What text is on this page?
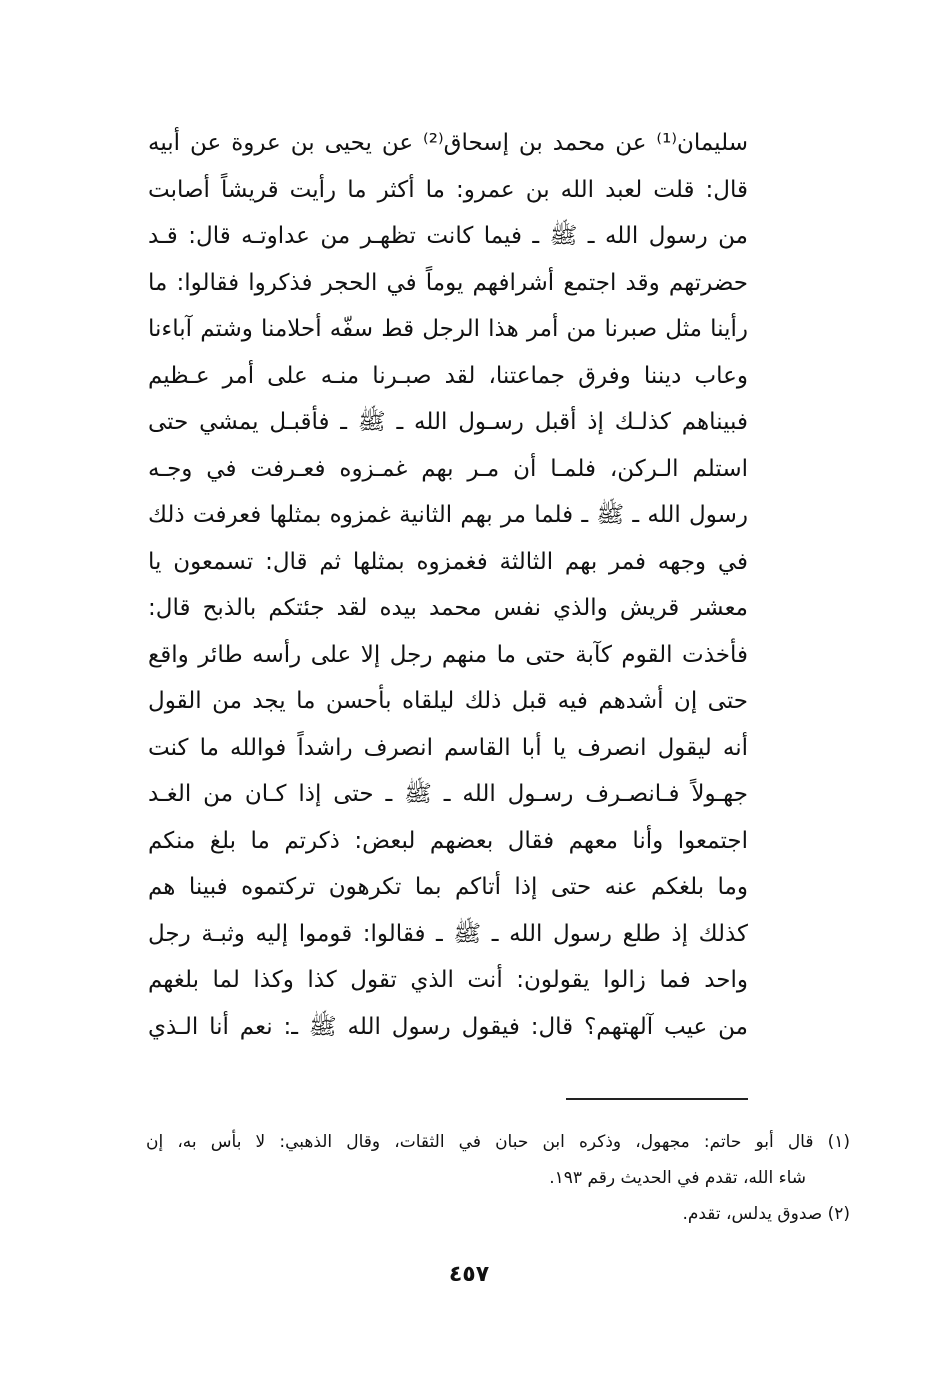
سليمان⁽¹⁾ عن محمد بن إسحاق⁽²⁾ عن يحيى بن عروة عن أبيه
قال: قلت لعبد الله بن عمرو: ما أكثر ما رأيت قريشاً أصابت
من رسول الله ـ ﷺ ـ فيما كانت تظهـر من عداوتـه قال: قـد
حضرتهم وقد اجتمع أشرافهم يوماً في الحجر فذكروا فقالوا: ما
رأينا مثل صبرنا من أمر هذا الرجل قط سفّه أحلامنا وشتم آباءنا
وعاب ديننا وفرق جماعتنا، لقد صبـرنا منـه على أمر عـظيم
فبيناهم كذلـك إذ أقبل رسـول الله ـ ﷺ ـ فأقبـل يمشي حتى
استلم الـركن، فلمـا أن مـر بهم غمـزوه فعـرفت في وجـه
رسول الله ـ ﷺ ـ فلما مر بهم الثانية غمزوه بمثلها فعرفت ذلك
في وجهه فمر بهم الثالثة فغمزوه بمثلها ثم قال: تسمعون يا
معشر قريش والذي نفس محمد بيده لقد جئتكم بالذبح قال:
فأخذت القوم كآبة حتى ما منهم رجل إلا على رأسه طائر واقع
حتى إن أشدهم فيه قبل ذلك ليلقاه بأحسن ما يجد من القول
أنه ليقول انصرف يا أبا القاسم انصرف راشداً فوالله ما كنت
جهـولاً فـانصـرف رسـول الله ـ ﷺ ـ حتى إذا كـان من الغـد
اجتمعوا وأنا معهم فقال بعضهم لبعض: ذكرتم ما بلغ منكم
وما بلغكم عنه حتى إذا أتاكم بما تكرهون تركتموه فبينا هم
كذلك إذ طلع رسول الله ـ ﷺ ـ فقالوا: قوموا إليه وثبـة رجل
واحد فما زالوا يقولون: أنت الذي تقول كذا وكذا لما بلغهم
من عيب آلهتهم؟ قال: فيقول رسول الله ﷺ ـ: نعم أنا الـذي
(١) قال أبو حاتم: مجهول، وذكره ابن حبان في الثقات، وقال الذهبي: لا بأس به، إن
شاء الله، تقدم في الحديث رقم ١٩٣.
(٢) صدوق يدلس، تقدم.
٤٥٧
